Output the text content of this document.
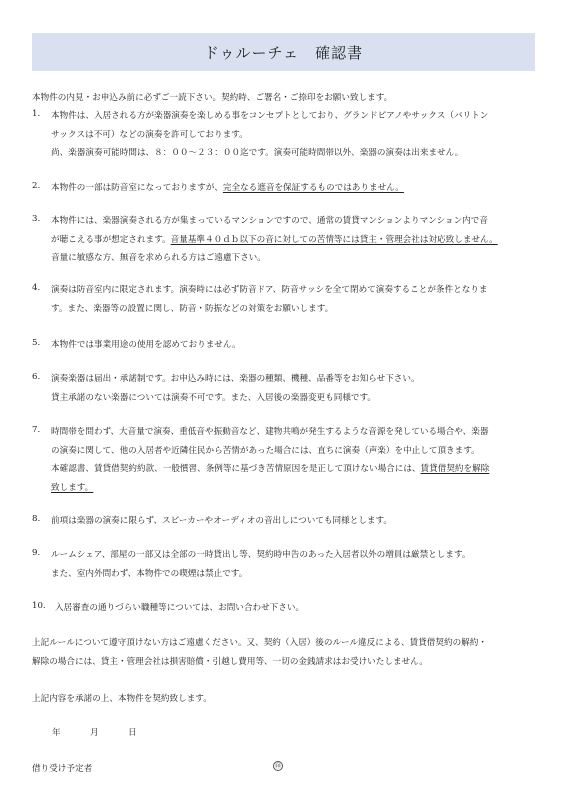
ドゥルーチェ　確認書
本物件の内見・お申込み前に必ずご一読下さい。契約時、ご署名・ご捺印をお願い致します。
1. 本物件は、入居される方が楽器演奏を楽しめる事をコンセプトとしており、グランドピアノやサックス（バリトン
サックスは不可）などの演奏を許可しております。
尚、楽器演奏可能時間は、８：００～２３：００迄です。演奏可能時間帯以外、楽器の演奏は出来ません。
2. 本物件の一部は防音室になっておりますが、完全なる遮音を保証するものではありません。
3. 本物件には、楽器演奏される方が集まっているマンションですので、通常の賃貸マンションよりマンション内で音
が聴こえる事が想定されます。音量基準４０ｄｂ以下の音に対しての苦情等には貸主・管理会社は対応致しません。
音量に敏感な方、無音を求められる方はご遠慮下さい。
4. 演奏は防音室内に限定されます。演奏時には必ず防音ドア、防音サッシを全て閉めて演奏することが条件となりま
す。また、楽器等の設置に関し、防音・防振などの対策をお願いします。
5. 本物件では事業用途の使用を認めておりません。
6. 演奏楽器は届出・承諾制です。お申込み時には、楽器の種類、機種、品番等をお知らせ下さい。
貸主承諾のない楽器については演奏不可です。また、入居後の楽器変更も同様です。
7. 時間帯を問わず、大音量で演奏、重低音や振動音など、建物共鳴が発生するような音源を発している場合や、楽器
の演奏に関して、他の入居者や近隣住民から苦情があった場合には、直ちに演奏（声楽）を中止して頂きます。
本確認書、賃貸借契約約款、一般慣習、条例等に基づき苦情原因を是正して頂けない場合には、賃貸借契約を解除
致します。
8. 前項は楽器の演奏に限らず、スピーカーやオーディオの音出しについても同様とします。
9. ルームシェア、部屋の一部又は全部の一時貸出し等、契約時申告のあった入居者以外の増員は厳禁とします。
また、室内外問わず、本物件での喫煙は禁止です。
10. 入居審査の通りづらい職種等については、お問い合わせ下さい。
上記ルールについて遵守頂けない方はご遠慮ください。又、契約（入居）後のルール違反による、賃貸借契約の解約・
解除の場合には、貸主・管理会社は損害賠償・引越し費用等、一切の金銭請求はお受けいたしません。
上記内容を承諾の上、本物件を契約致します。
年	月	日
借り受け予定者	㊞
